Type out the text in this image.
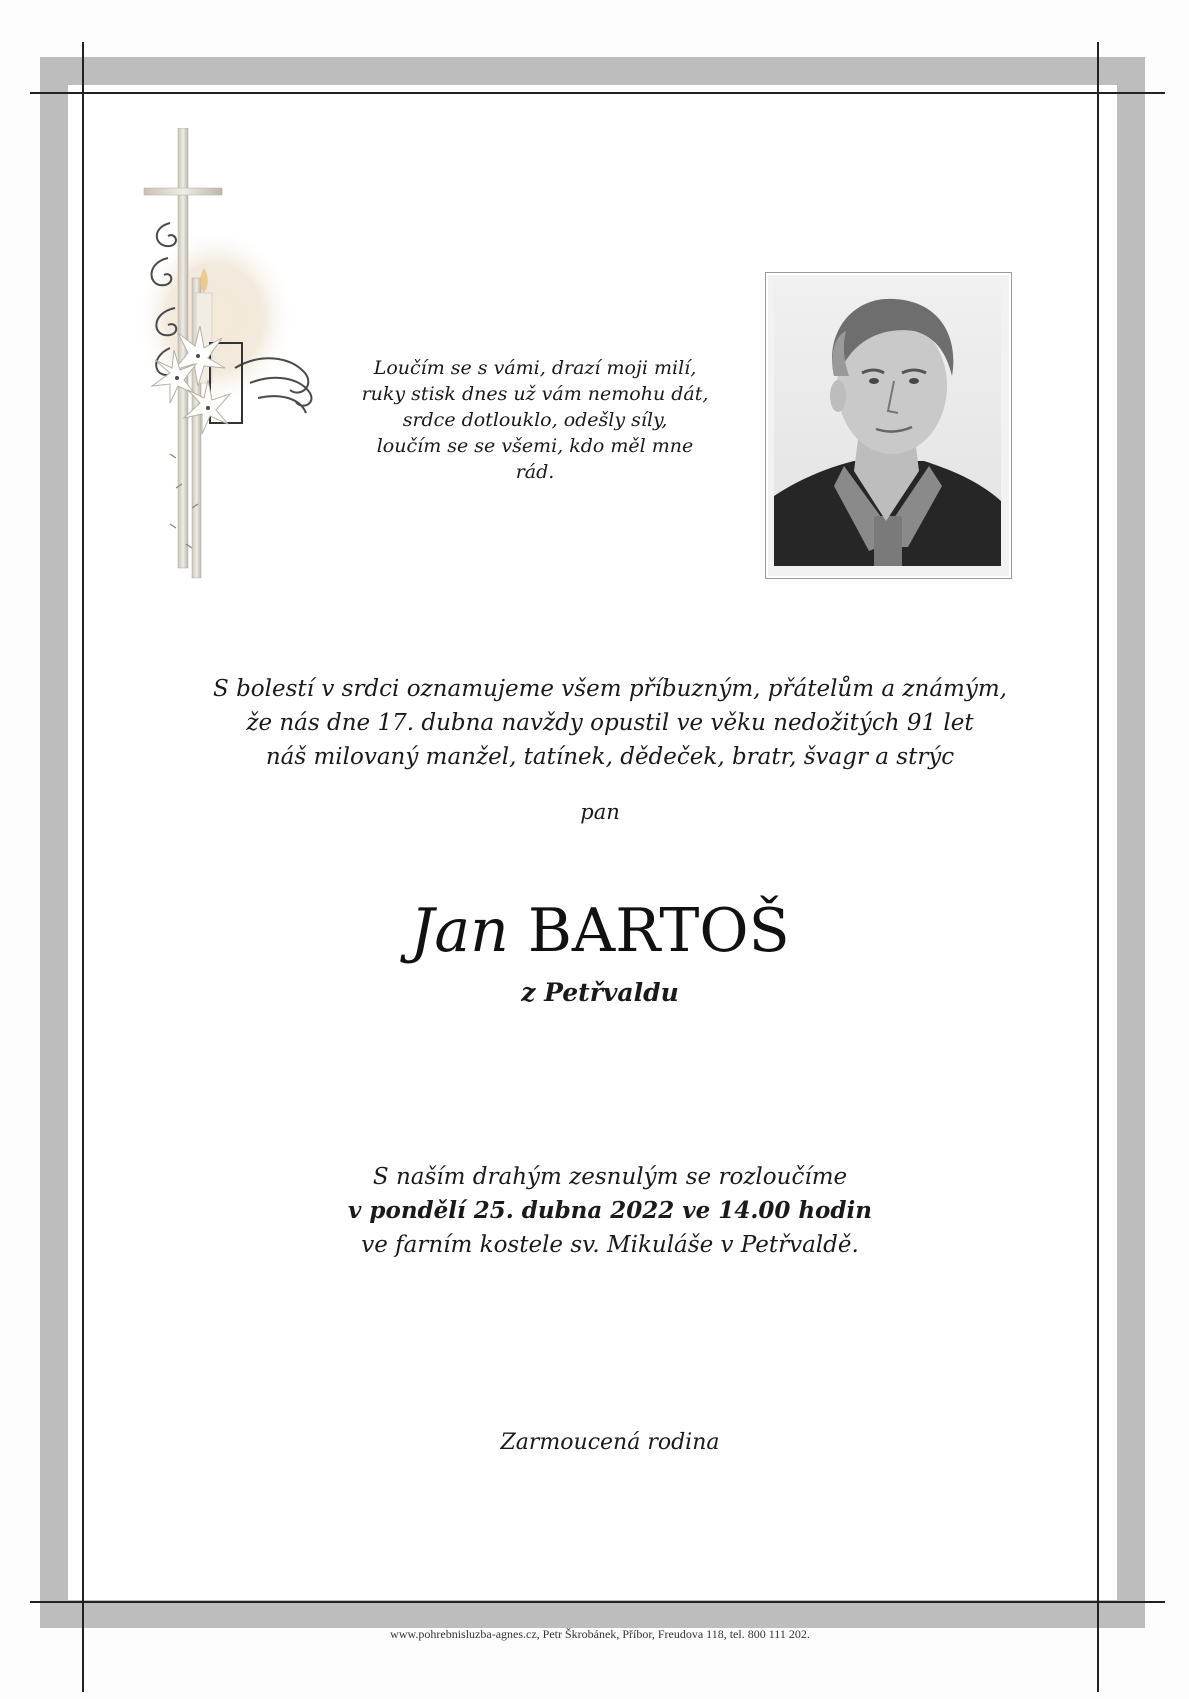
Loučím se s vámi, drazí moji milí,

ruky stisk dnes už vám nemohu dát,

srdce dotlouklo, odešly síly,

loučím se se všemi, kdo měl mne rád.

S bolestí v srdci oznamujeme všem příbuzným, přátelům a známým,

že nás dne 17. dubna navždy opustil ve věku nedožitých 91 let

náš milovaný manžel, tatínek, dědeček, bratr, švagr a strýc

pan
Jan BARTOŠ
z Petřvaldu

S naším drahým zesnulým se rozloučíme

v pondělí 25. dubna 2022 ve 14.00 hodin

ve farním kostele sv. Mikuláše v Petřvaldě.

Zarmoucená rodina
www.pohrebnisluzba-agnes.cz, Petr Škrobánek, Příbor, Freudova 118, tel. 800 111 202.
